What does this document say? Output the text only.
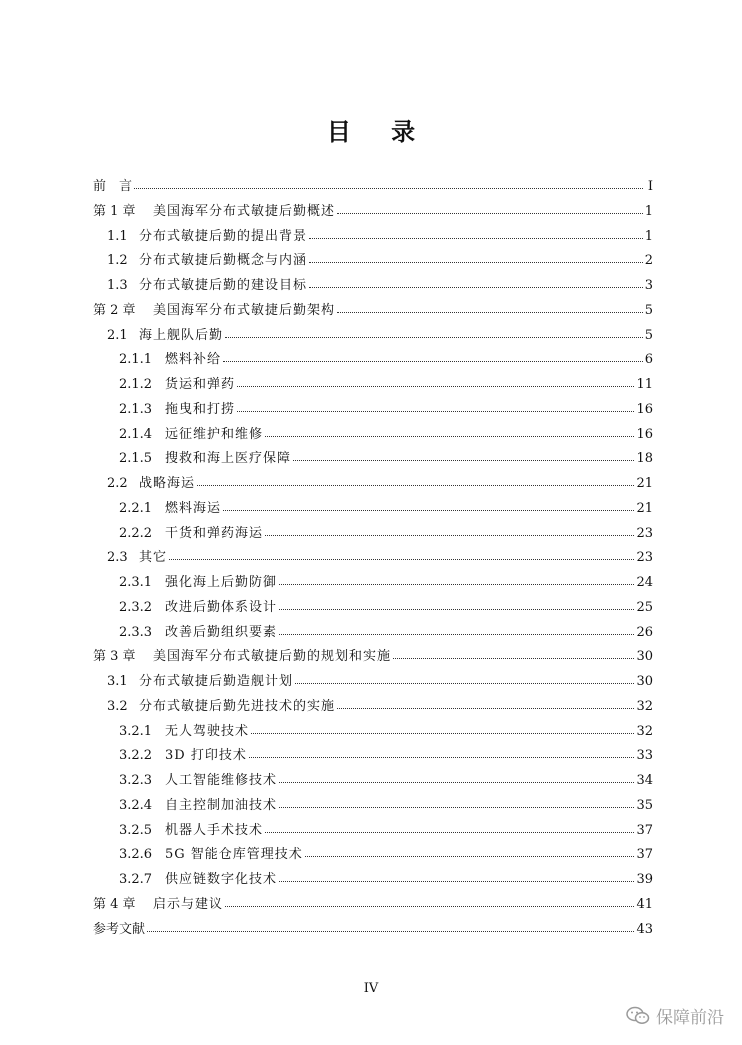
目 录
前　言	I
第 1 章	美国海军分布式敏捷后勤概述	1
1.1 分布式敏捷后勤的提出背景	1
1.2 分布式敏捷后勤概念与内涵	2
1.3 分布式敏捷后勤的建设目标	3
第 2 章	美国海军分布式敏捷后勤架构	5
2.1 海上舰队后勤	5
2.1.1 燃料补给	6
2.1.2 货运和弹药	11
2.1.3 拖曳和打捞	16
2.1.4 远征维护和维修	16
2.1.5 搜救和海上医疗保障	18
2.2 战略海运	21
2.2.1 燃料海运	21
2.2.2 干货和弹药海运	23
2.3 其它	23
2.3.1 强化海上后勤防御	24
2.3.2 改进后勤体系设计	25
2.3.3 改善后勤组织要素	26
第 3 章	美国海军分布式敏捷后勤的规划和实施	30
3.1 分布式敏捷后勤造舰计划	30
3.2 分布式敏捷后勤先进技术的实施	32
3.2.1 无人驾驶技术	32
3.2.2 3D 打印技术	33
3.2.3 人工智能维修技术	34
3.2.4 自主控制加油技术	35
3.2.5 机器人手术技术	37
3.2.6 5G 智能仓库管理技术	37
3.2.7 供应链数字化技术	39
第 4 章	启示与建议	41
参考文献	43
IV
保障前沿
